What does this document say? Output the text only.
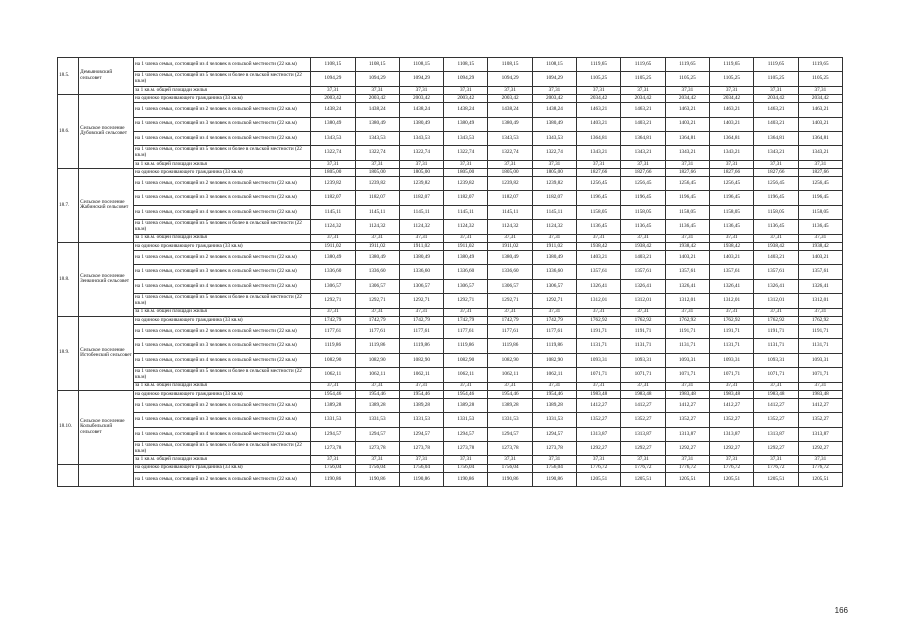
18.5.	Демьяновский сельсовет	на 1 члена семьи, состоящей из 4 человек в сельской местности (22 кв.м)	1108,15	1108,15	1108,15	1108,15	1108,15	1108,15	1119,65	1119,65	1119,65	1119,65	1119,65	1119,65
		на 1 члена семьи, состоящей из 5 человек и более в сельской местности (22 кв.м)	1094,29	1094,29	1094,29	1094,29	1094,29	1094,29	1105,25	1105,25	1105,25	1105,25	1105,25	1105,25
		за 1 кв.м. общей площади жилья	37,31	37,31	37,31	37,31	37,31	37,31	37,31	37,31	37,31	37,31	37,31	37,31
18.6.	Сельское поселение Дубовский сельсовет	на одиноко проживающего гражданина (33 кв.м)	2003,42	2003,42	2003,42	2003,42	2003,42	2003,42	2034,42	2034,42	2034,42	2034,42	2034,42	2034,42
		на 1 члена семьи, состоящей из 2 человек в сельской местности (22 кв.м)	1438,24	1438,24	1438,24	1438,24	1438,24	1438,24	1463,21	1463,21	1463,21	1463,21	1463,21	1463,21
		на 1 члена семьи, состоящей из 3 человек в сельской местности (22 кв.м)	1380,49	1380,49	1380,49	1380,49	1380,49	1380,49	1403,21	1403,21	1403,21	1403,21	1403,21	1403,21
		на 1 члена семьи, состоящей из 4 человек в сельской местности (22 кв.м)	1343,53	1343,53	1343,53	1343,53	1343,53	1343,53	1364,81	1364,81	1364,81	1364,81	1364,81	1364,81
		на 1 члена семьи, состоящей из 5 человек и более в сельской местности (22 кв.м)	1322,74	1322,74	1322,74	1322,74	1322,74	1322,74	1343,21	1343,21	1343,21	1343,21	1343,21	1343,21
		за 1 кв.м. общей площади жилья	37,31	37,31	37,31	37,31	37,31	37,31	37,31	37,31	37,31	37,31	37,31	37,31
18.7.	Сельское поселение Жабинский сельсовет	на одиноко проживающего гражданина (33 кв.м)	1805,00	1805,00	1805,00	1805,00	1805,00	1805,00	1827,66	1827,66	1827,66	1827,66	1827,66	1827,66
		на 1 члена семьи, состоящей из 2 человек в сельской местности (22 кв.м)	1239,82	1239,82	1239,82	1239,82	1239,82	1239,82	1256,45	1256,45	1256,45	1256,45	1256,45	1256,45
		на 1 члена семьи, состоящей из 3 человек в сельской местности (22 кв.м)	1182,07	1182,07	1182,07	1182,07	1182,07	1182,07	1196,45	1196,45	1196,45	1196,45	1196,45	1196,45
		на 1 члена семьи, состоящей из 4 человек в сельской местности (22 кв.м)	1145,11	1145,11	1145,11	1145,11	1145,11	1145,11	1158,05	1158,05	1158,05	1158,05	1158,05	1158,05
		на 1 члена семьи, состоящей из 5 человек и более в сельской местности (22 кв.м)	1124,32	1124,32	1124,32	1124,32	1124,32	1124,32	1136,45	1136,45	1136,45	1136,45	1136,45	1136,45
		за 1 кв.м. общей площади жилья	37,31	37,31	37,31	37,31	37,31	37,31	37,31	37,31	37,31	37,31	37,31	37,31
18.8.	Сельское поселение Зенкинский сельсовет	на одиноко проживающего гражданина (33 кв.м)	1911,02	1911,02	1911,02	1911,02	1911,02	1911,02	1938,42	1938,42	1938,42	1938,42	1938,42	1938,42
		на 1 члена семьи, состоящей из 2 человек в сельской местности (22 кв.м)	1380,49	1380,49	1380,49	1380,49	1380,49	1380,49	1403,21	1403,21	1403,21	1403,21	1403,21	1403,21
		на 1 члена семьи, состоящей из 3 человек в сельской местности (22 кв.м)	1336,60	1336,60	1336,60	1336,60	1336,60	1336,60	1357,61	1357,61	1357,61	1357,61	1357,61	1357,61
		на 1 члена семьи, состоящей из 4 человек в сельской местности (22 кв.м)	1306,57	1306,57	1306,57	1306,57	1306,57	1306,57	1326,41	1326,41	1326,41	1326,41	1326,41	1326,41
		на 1 члена семьи, состоящей из 5 человек и более в сельской местности (22 кв.м)	1292,71	1292,71	1292,71	1292,71	1292,71	1292,71	1312,01	1312,01	1312,01	1312,01	1312,01	1312,01
		за 1 кв.м. общей площади жилья	37,31	37,31	37,31	37,31	37,31	37,31	37,31	37,31	37,31	37,31	37,31	37,31
18.9.	Сельское поселение Истобенский сельсовет	на одиноко проживающего гражданина (33 кв.м)	1742,79	1742,79	1742,79	1742,79	1742,79	1742,79	1762,92	1762,92	1762,92	1762,92	1762,92	1762,92
		на 1 члена семьи, состоящей из 2 человек в сельской местности (22 кв.м)	1177,61	1177,61	1177,61	1177,61	1177,61	1177,61	1191,71	1191,71	1191,71	1191,71	1191,71	1191,71
		на 1 члена семьи, состоящей из 3 человек в сельской местности (22 кв.м)	1119,86	1119,86	1119,86	1119,86	1119,86	1119,86	1131,71	1131,71	1131,71	1131,71	1131,71	1131,71
		на 1 члена семьи, состоящей из 4 человек в сельской местности (22 кв.м)	1082,90	1082,90	1082,90	1082,90	1082,90	1082,90	1093,31	1093,31	1093,31	1093,31	1093,31	1093,31
		на 1 члена семьи, состоящей из 5 человек и более в сельской местности (22 кв.м)	1062,11	1062,11	1062,11	1062,11	1062,11	1062,11	1071,71	1071,71	1071,71	1071,71	1071,71	1071,71
		за 1 кв.м. общей площади жилья	37,31	37,31	37,31	37,31	37,31	37,31	37,31	37,31	37,31	37,31	37,31	37,31
18.10.	Сельское поселение Колыбельский сельсовет	на одиноко проживающего гражданина (33 кв.м)	1954,46	1954,46	1954,46	1954,46	1954,46	1954,46	1983,48	1983,48	1983,48	1983,48	1983,48	1983,48
		на 1 члена семьи, состоящей из 2 человек в сельской местности (22 кв.м)	1389,28	1389,28	1389,28	1389,28	1389,28	1389,28	1412,27	1412,27	1412,27	1412,27	1412,27	1412,27
		на 1 члена семьи, состоящей из 3 человек в сельской местности (22 кв.м)	1331,53	1331,53	1331,53	1331,53	1331,53	1331,53	1352,27	1352,27	1352,27	1352,27	1352,27	1352,27
		на 1 члена семьи, состоящей из 4 человек в сельской местности (22 кв.м)	1294,57	1294,57	1294,57	1294,57	1294,57	1294,57	1313,87	1313,87	1313,87	1313,87	1313,87	1313,87
		на 1 члена семьи, состоящей из 5 человек и более в сельской местности (22 кв.м)	1273,78	1273,78	1273,78	1273,78	1273,78	1273,78	1292,27	1292,27	1292,27	1292,27	1292,27	1292,27
		за 1 кв.м. общей площади жилья	37,31	37,31	37,31	37,31	37,31	37,31	37,31	37,31	37,31	37,31	37,31	37,31
		на одиноко проживающего гражданина (33 кв.м)	1756,04	1756,04	1756,04	1756,04	1756,04	1756,04	1776,72	1776,72	1776,72	1776,72	1776,72	1776,72
		на 1 члена семьи, состоящей из 2 человек в сельской местности (22 кв.м)	1190,86	1190,86	1190,86	1190,86	1190,86	1190,86	1205,51	1205,51	1205,51	1205,51	1205,51	1205,51
166
